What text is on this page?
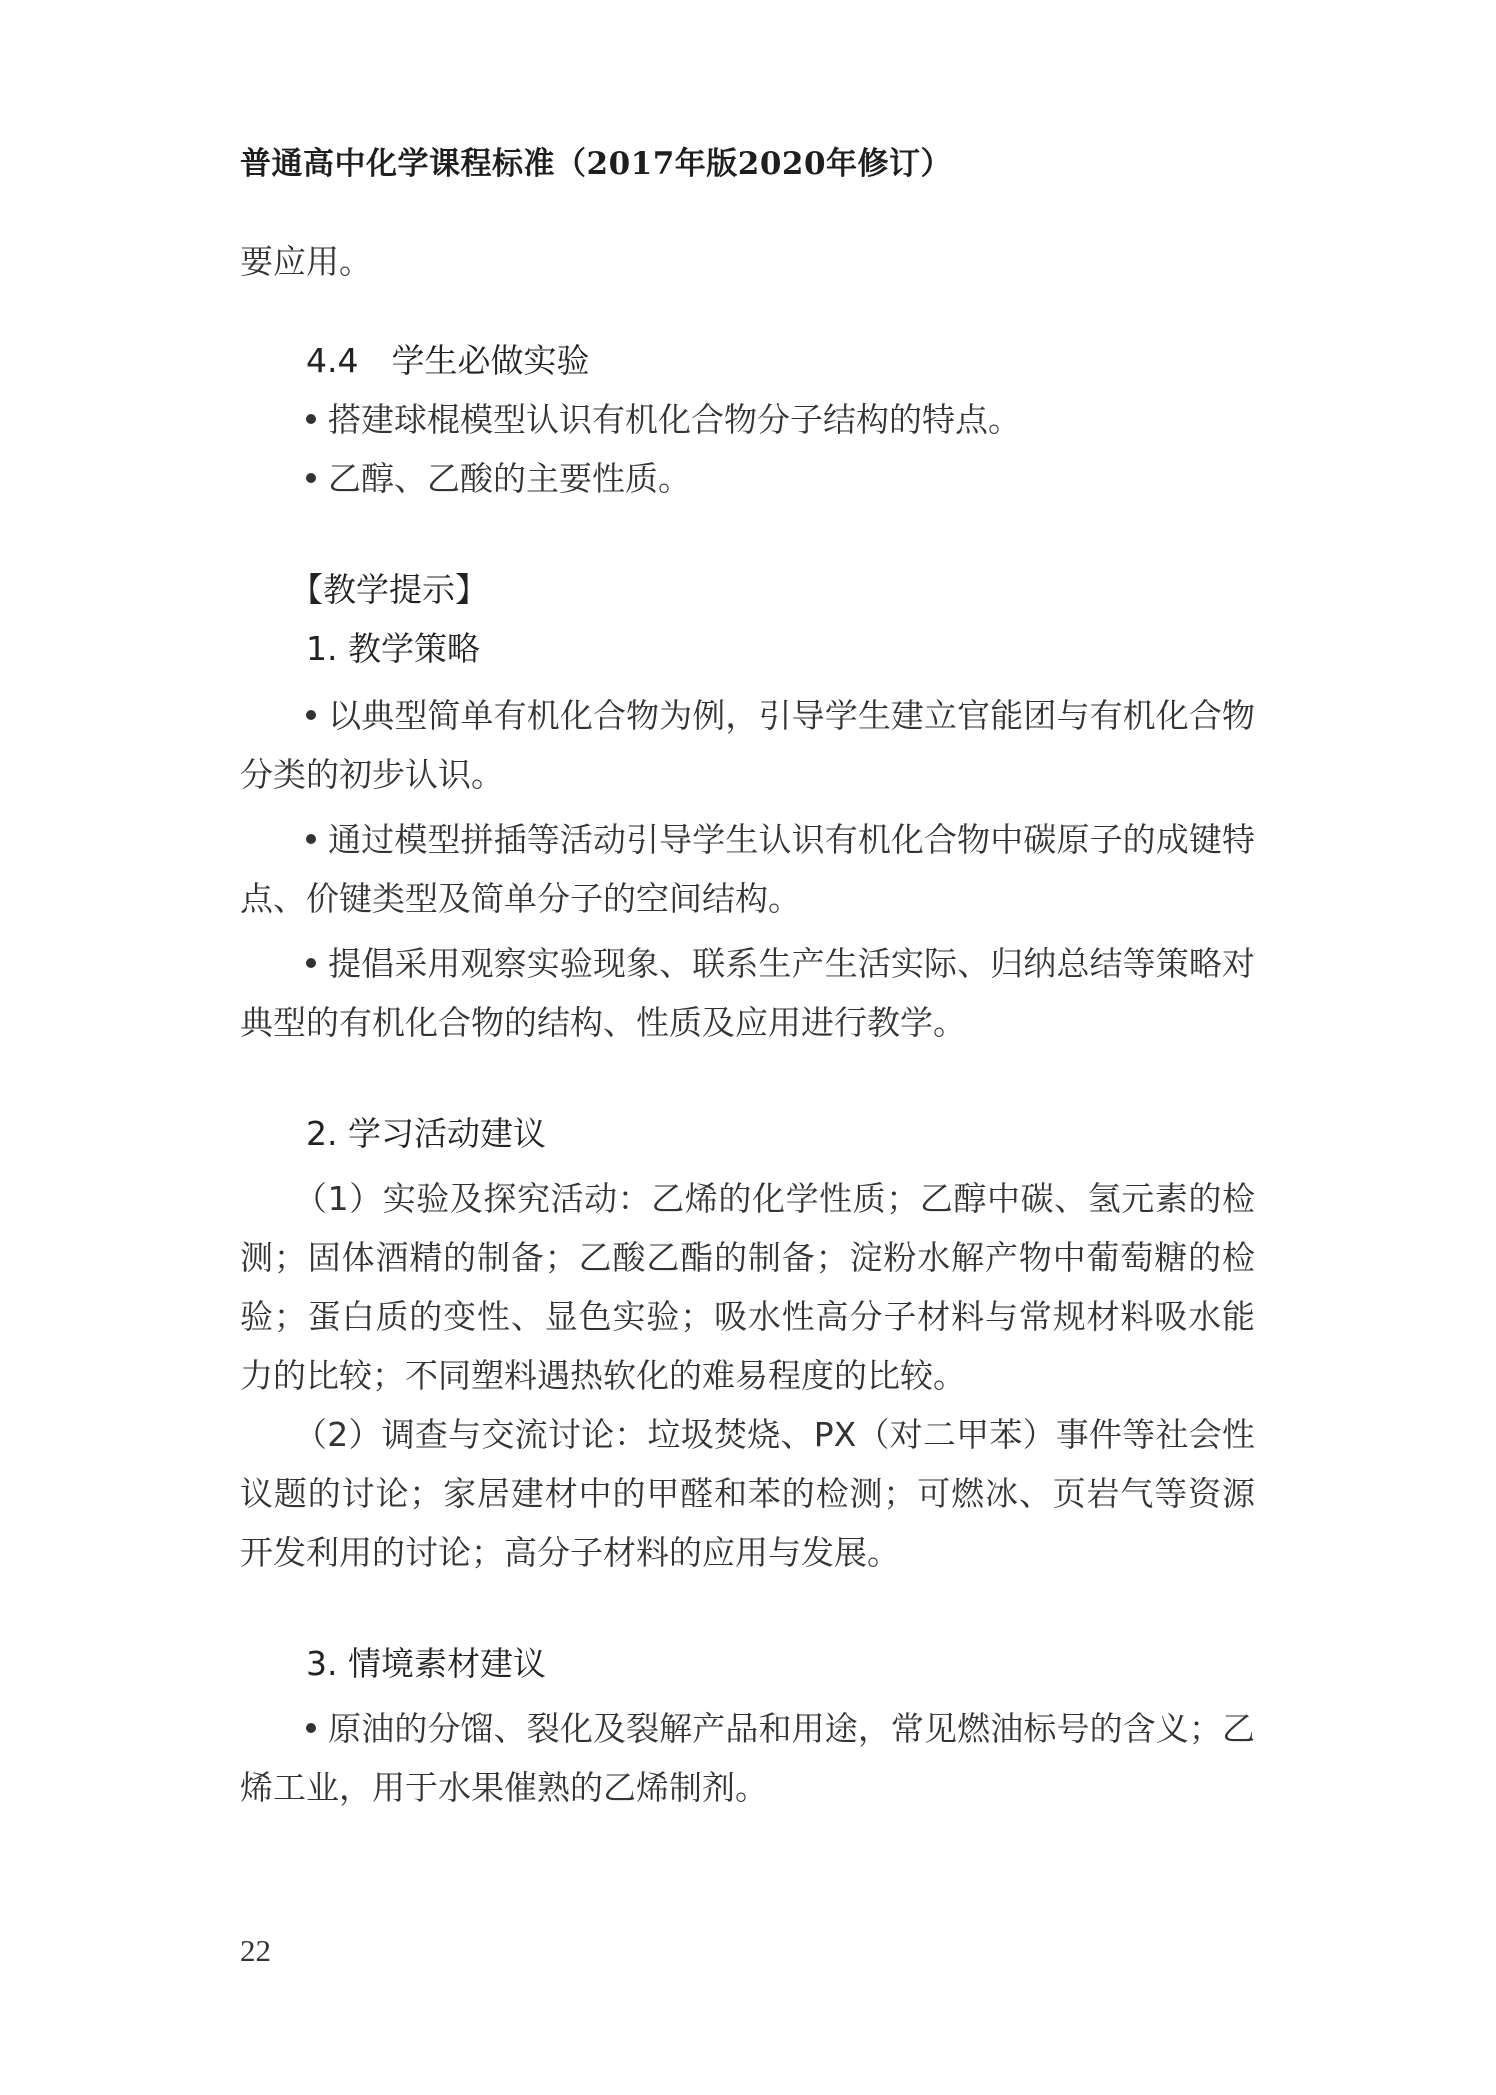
普通高中化学课程标准（2017年版2020年修订）

要应用。

4.4　学生必做实验

搭建球棍模型认识有机化合物分子结构的特点。

乙醇、乙酸的主要性质。

【教学提示】

1. 教学策略

以典型简单有机化合物为例，引导学生建立官能团与有机化合物分类的初步认识。

通过模型拼插等活动引导学生认识有机化合物中碳原子的成键特点、价键类型及简单分子的空间结构。

提倡采用观察实验现象、联系生产生活实际、归纳总结等策略对典型的有机化合物的结构、性质及应用进行教学。

2. 学习活动建议

（1）实验及探究活动：乙烯的化学性质；乙醇中碳、氢元素的检测；固体酒精的制备；乙酸乙酯的制备；淀粉水解产物中葡萄糖的检验；蛋白质的变性、显色实验；吸水性高分子材料与常规材料吸水能力的比较；不同塑料遇热软化的难易程度的比较。

（2）调查与交流讨论：垃圾焚烧、PX（对二甲苯）事件等社会性议题的讨论；家居建材中的甲醛和苯的检测；可燃冰、页岩气等资源开发利用的讨论；高分子材料的应用与发展。

3. 情境素材建议

原油的分馏、裂化及裂解产品和用途，常见燃油标号的含义；乙烯工业，用于水果催熟的乙烯制剂。

22
